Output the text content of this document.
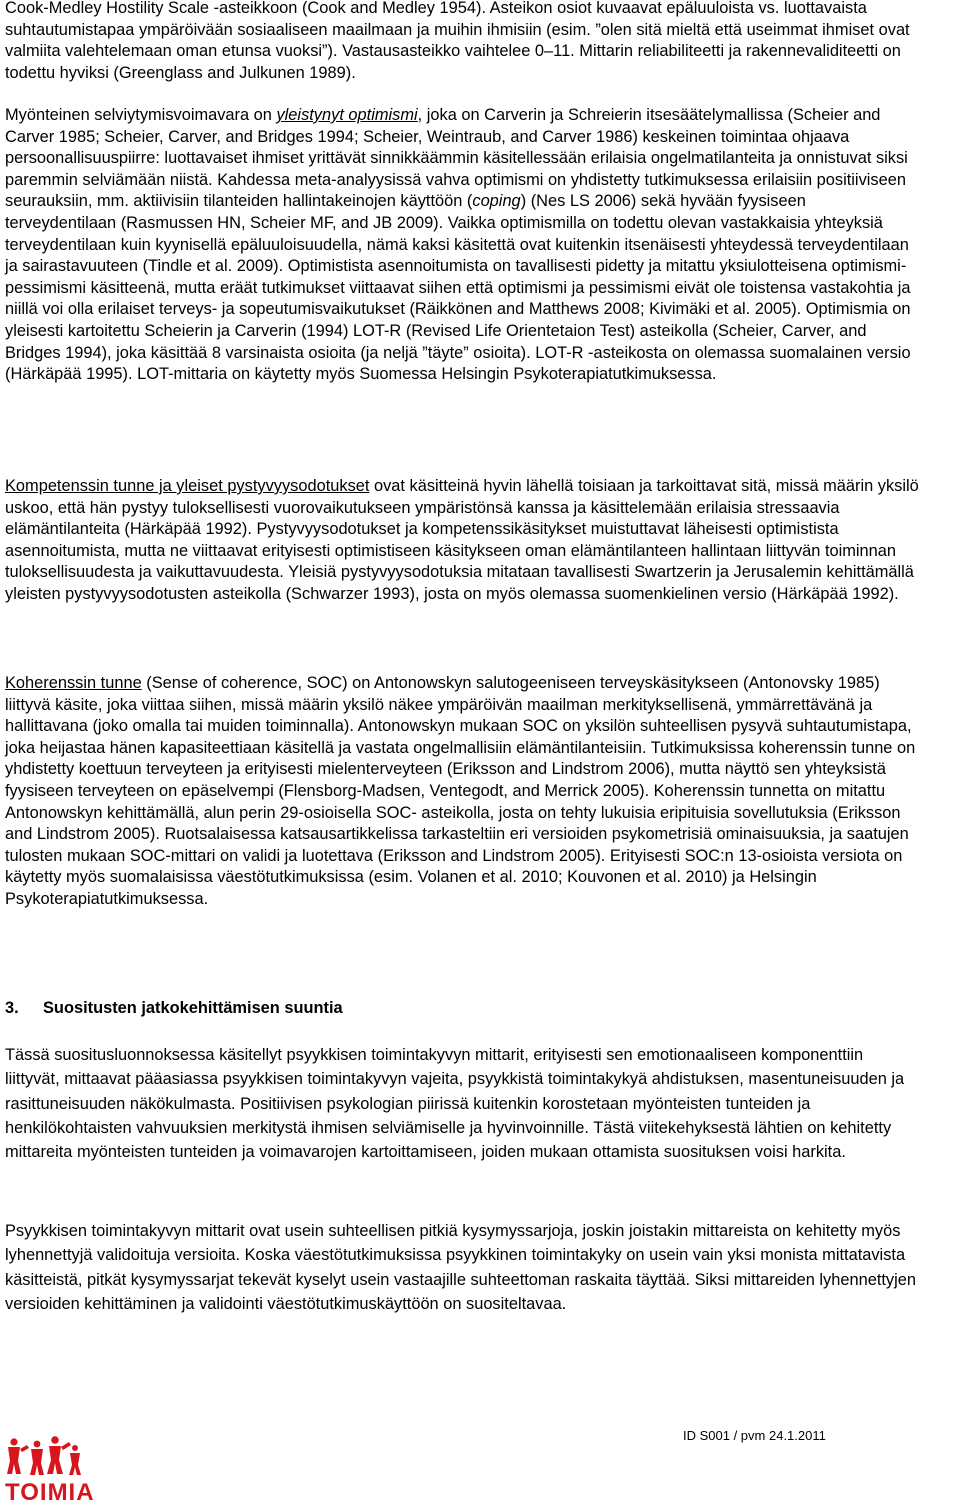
Cook-Medley Hostility Scale -asteikkoon (Cook and Medley 1954). Asteikon osiot kuvaavat epäluuloista vs. luottavaista suhtautumistapaa ympäröivään sosiaaliseen maailmaan ja muihin ihmisiin (esim. ”olen sitä mieltä että useimmat ihmiset ovat valmiita valehtelemaan oman etunsa vuoksi”). Vastausasteikko vaihtelee 0–11. Mittarin reliabiliteetti ja rakennevaliditeetti on todettu hyviksi (Greenglass and Julkunen 1989).

Myönteinen selviytymisvoimavara on yleistynyt optimismi, joka on Carverin ja Schreierin itsesäätelymallissa (Scheier and Carver 1985; Scheier, Carver, and Bridges 1994; Scheier, Weintraub, and Carver 1986) keskeinen toimintaa ohjaava persoonallisuuspiirre: luottavaiset ihmiset yrittävät sinnikkäämmin käsitellessään erilaisia ongelmatilanteita ja onnistuvat siksi paremmin selviämään niistä. Kahdessa meta-analyysissä vahva optimismi on yhdistetty tutkimuksessa erilaisiin positiiviseen seurauksiin, mm. aktiivisiin tilanteiden hallintakeinojen käyttöön (coping) (Nes LS 2006) sekä hyvään fyysiseen terveydentilaan (Rasmussen HN, Scheier MF, and JB 2009). Vaikka optimismilla on todettu olevan vastakkaisia yhteyksiä terveydentilaan kuin kyynisellä epäluuloisuudella, nämä kaksi käsitettä ovat kuitenkin itsenäisesti yhteydessä terveydentilaan ja sairastavuuteen (Tindle et al. 2009). Optimistista asennoitumista on tavallisesti pidetty ja mitattu yksiulotteisena optimismi-pessimismi käsitteenä, mutta eräät tutkimukset viittaavat siihen että optimismi ja pessimismi eivät ole toistensa vastakohtia ja niillä voi olla erilaiset terveys- ja sopeutumisvaikutukset (Räikkönen and Matthews 2008; Kivimäki et al. 2005). Optimismia on yleisesti kartoitettu Scheierin ja Carverin (1994) LOT-R (Revised Life Orientetaion Test) asteikolla (Scheier, Carver, and Bridges 1994), joka käsittää 8 varsinaista osioita (ja neljä ”täyte” osioita). LOT-R -asteikosta on olemassa suomalainen versio (Härkäpää 1995). LOT-mittaria on käytetty myös Suomessa Helsingin Psykoterapiatutkimuksessa.

Kompetenssin tunne ja yleiset pystyvyysodotukset ovat käsitteinä hyvin lähellä toisiaan ja tarkoittavat sitä, missä määrin yksilö uskoo, että hän pystyy tuloksellisesti vuorovaikutukseen ympäristönsä kanssa ja käsittelemään erilaisia stressaavia elämäntilanteita (Härkäpää 1992). Pystyvyysodotukset ja kompetenssikäsitykset muistuttavat läheisesti optimistista asennoitumista, mutta ne viittaavat erityisesti optimistiseen käsitykseen oman elämäntilanteen hallintaan liittyvän toiminnan tuloksellisuudesta ja vaikuttavuudesta. Yleisiä pystyvyysodotuksia mitataan tavallisesti Swartzerin ja Jerusalemin kehittämällä yleisten pystyvyysodotusten asteikolla (Schwarzer 1993), josta on myös olemassa suomenkielinen versio (Härkäpää 1992).

Koherenssin tunne (Sense of coherence, SOC) on Antonowskyn salutogeeniseen terveyskäsitykseen (Antonovsky 1985) liittyvä käsite, joka viittaa siihen, missä määrin yksilö näkee ympäröivän maailman merkityksellisenä, ymmärrettävänä ja hallittavana (joko omalla tai muiden toiminnalla). Antonowskyn mukaan SOC on yksilön suhteellisen pysyvä suhtautumistapa, joka heijastaa hänen kapasiteettiaan käsitellä ja vastata ongelmallisiin elämäntilanteisiin. Tutkimuksissa koherenssin tunne on yhdistetty koettuun terveyteen ja erityisesti mielenterveyteen (Eriksson and Lindstrom 2006), mutta näyttö sen yhteyksistä fyysiseen terveyteen on epäselvempi (Flensborg-Madsen, Ventegodt, and Merrick 2005). Koherenssin tunnetta on mitattu Antonowskyn kehittämällä, alun perin 29-osioisella SOC- asteikolla, josta on tehty lukuisia eripituisia sovellutuksia (Eriksson and Lindstrom 2005). Ruotsalaisessa katsausartikkelissa tarkasteltiin eri versioiden psykometrisiä ominaisuuksia, ja saatujen tulosten mukaan SOC-mittari on validi ja luotettava (Eriksson and Lindstrom 2005). Erityisesti SOC:n 13-osioista versiota on käytetty myös suomalaisissa väestötutkimuksissa (esim. Volanen et al. 2010; Kouvonen et al. 2010) ja Helsingin Psykoterapiatutkimuksessa.

3. Suositusten jatkokehittämisen suuntia

Tässä suositusluonnoksessa käsitellyt psyykkisen toimintakyvyn mittarit, erityisesti sen emotionaaliseen komponenttiin liittyvät, mittaavat pääasiassa psyykkisen toimintakyvyn vajeita, psyykkistä toimintakykyä ahdistuksen, masentuneisuuden ja rasittuneisuuden näkökulmasta. Positiivisen psykologian piirissä kuitenkin korostetaan myönteisten tunteiden ja henkilökohtaisten vahvuuksien merkitystä ihmisen selviämiselle ja hyvinvoinnille. Tästä viitekehyksestä lähtien on kehitetty mittareita myönteisten tunteiden ja voimavarojen kartoittamiseen, joiden mukaan ottamista suosituksen voisi harkita.

Psyykkisen toimintakyvyn mittarit ovat usein suhteellisen pitkiä kysymyssarjoja, joskin joistakin mittareista on kehitetty myös lyhennettyjä validoituja versioita. Koska väestötutkimuksissa psyykkinen toimintakyky on usein vain yksi monista mittatavista käsitteistä, pitkät kysymyssarjat tekevät kyselyt usein vastaajille suhteettoman raskaita täyttää. Siksi mittareiden lyhennettyjen versioiden kehittäminen ja validointi väestötutkimuskäyttöön on suositeltavaa.

ID S001 / pvm 24.1.2011
TOIMIA
